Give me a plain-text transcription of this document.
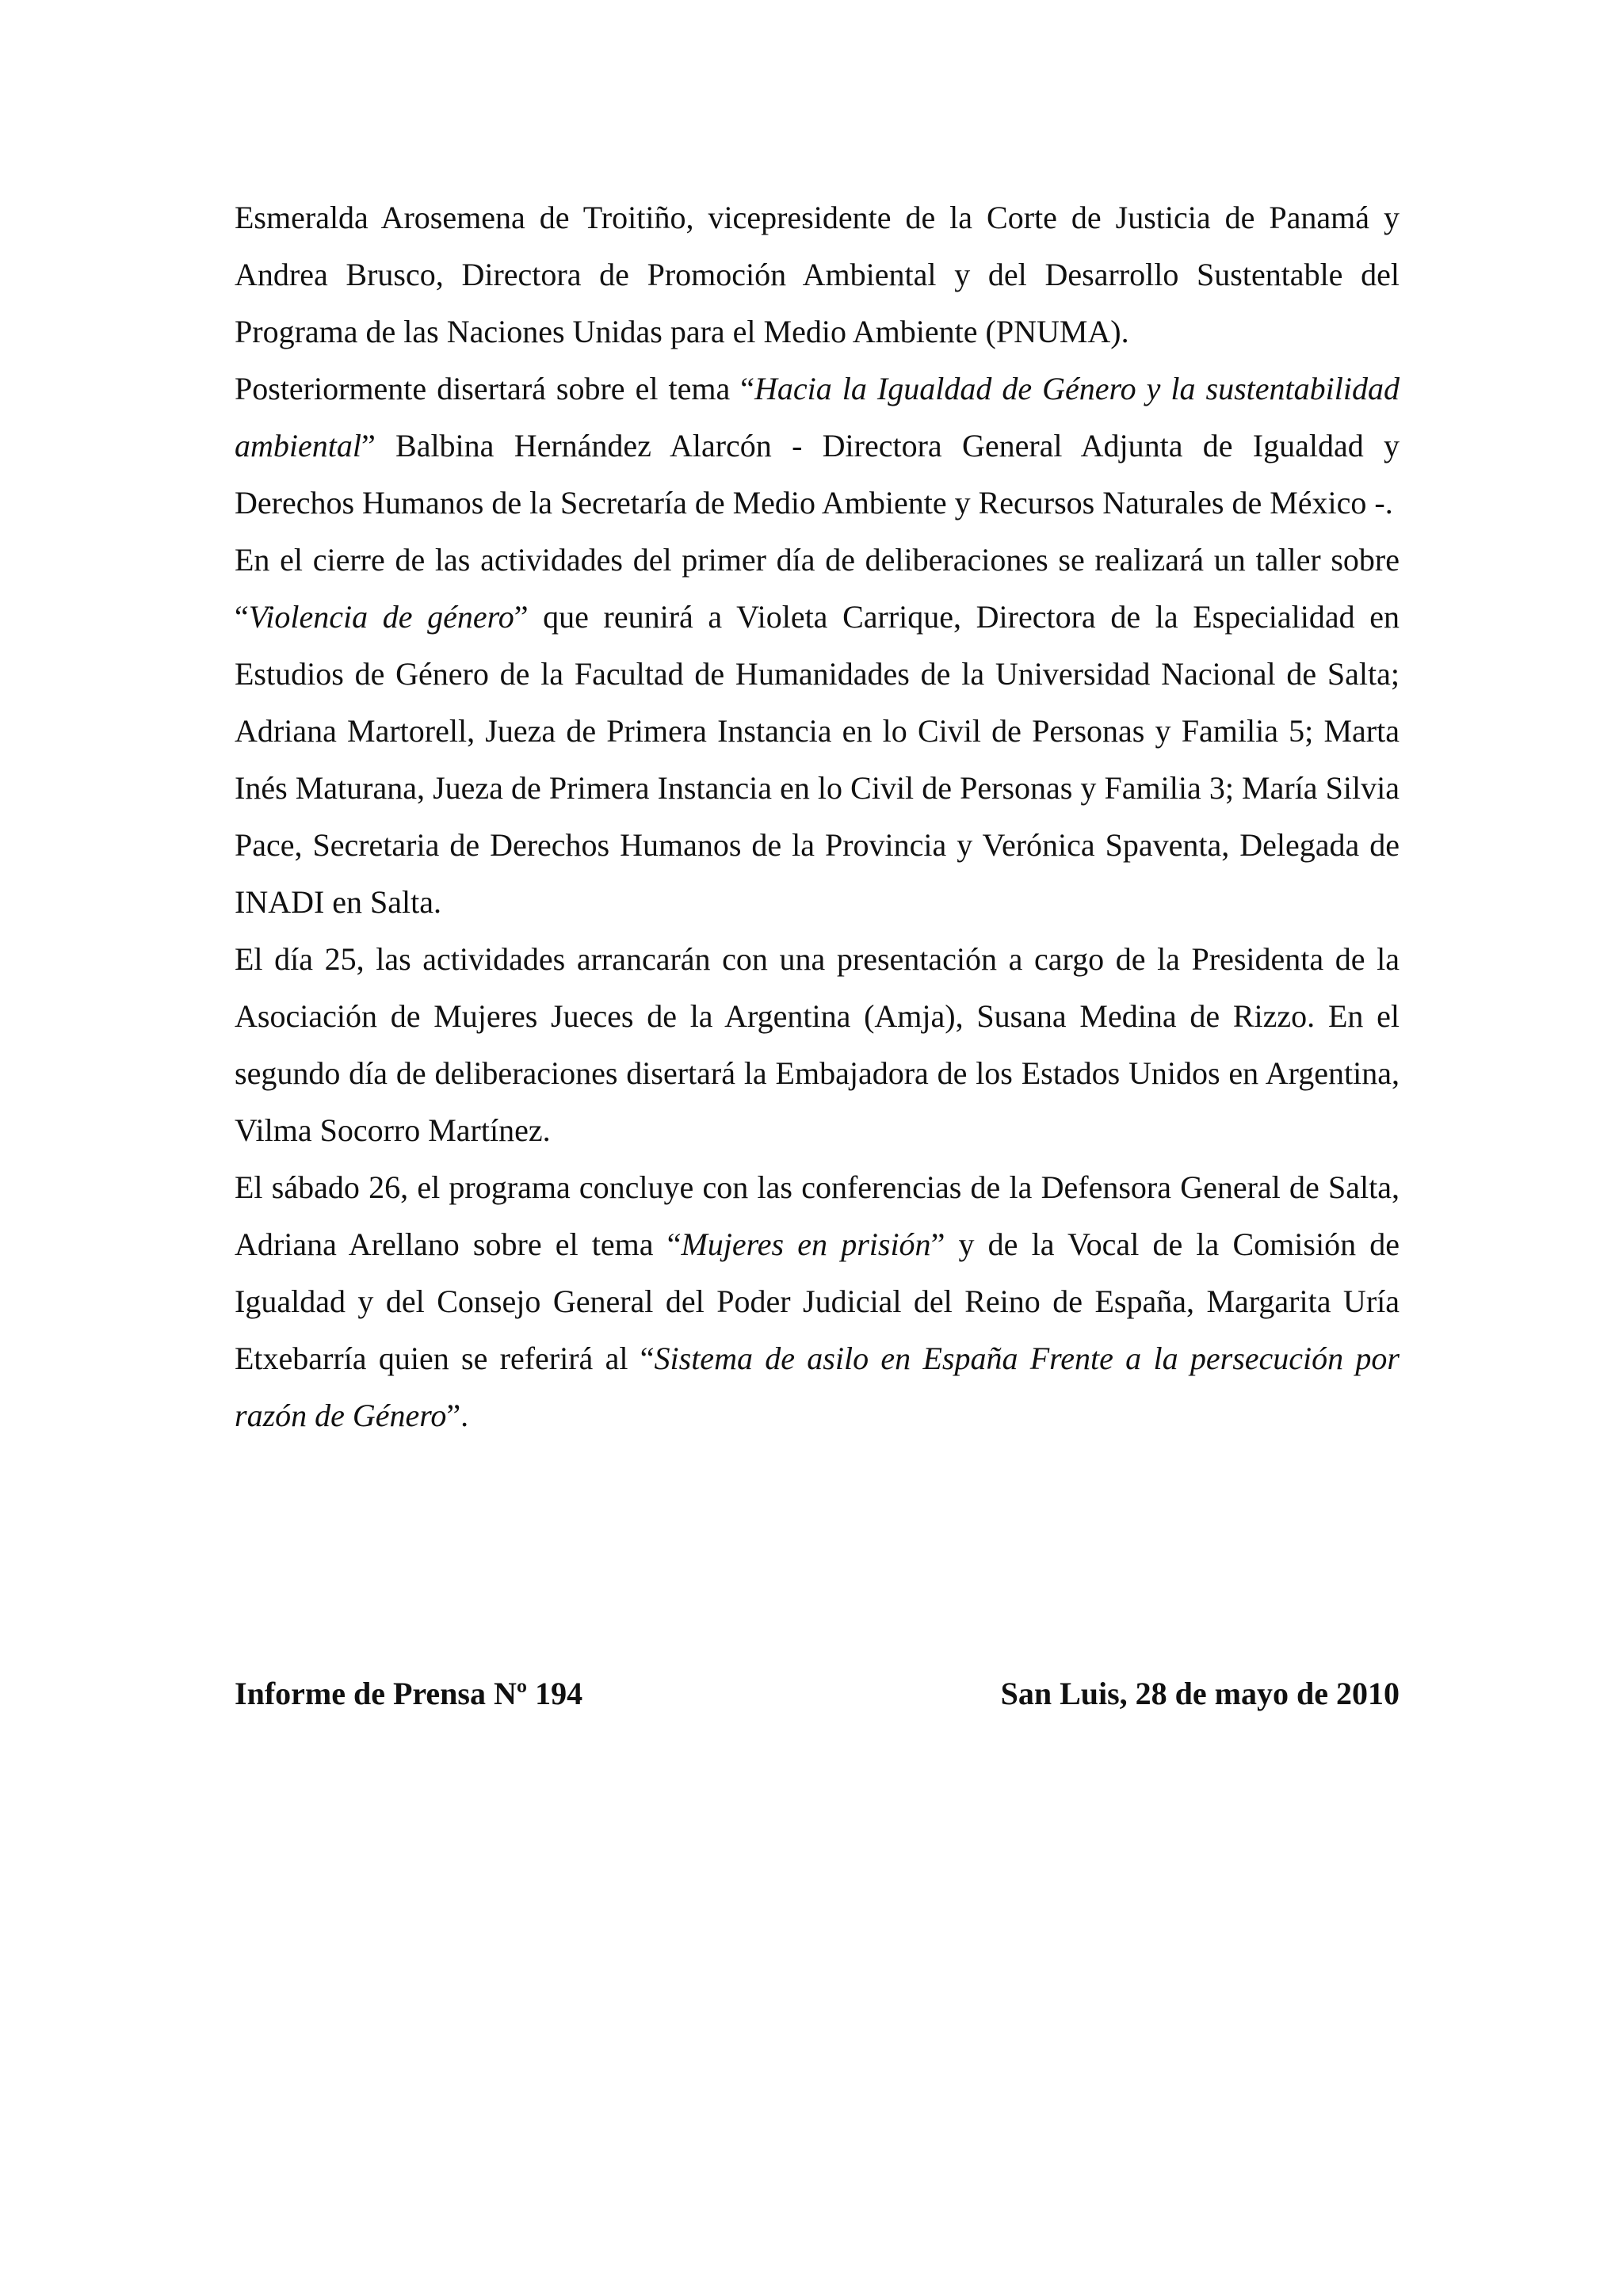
Esmeralda Arosemena de Troitiño, vicepresidente de la Corte de Justicia de Panamá y Andrea Brusco, Directora de Promoción Ambiental y del Desarrollo Sustentable del Programa de las Naciones Unidas para el Medio Ambiente (PNUMA).

Posteriormente disertará sobre el tema “Hacia la Igualdad de Género y la sustentabilidad ambiental” Balbina Hernández Alarcón - Directora General Adjunta de Igualdad y Derechos Humanos de la Secretaría de Medio Ambiente y Recursos Naturales de México -.

En el cierre de las actividades del primer día de deliberaciones se realizará un taller sobre “Violencia de género” que reunirá a Violeta Carrique, Directora de la Especialidad en Estudios de Género de la Facultad de Humanidades de la Universidad Nacional de Salta; Adriana Martorell, Jueza de Primera Instancia en lo Civil de Personas y Familia 5; Marta Inés Maturana, Jueza de Primera Instancia en lo Civil de Personas y Familia 3; María Silvia Pace, Secretaria de Derechos Humanos de la Provincia y Verónica Spaventa, Delegada de INADI en Salta.

El día 25, las actividades arrancarán con una presentación a cargo de la Presidenta de la Asociación de Mujeres Jueces de la Argentina (Amja), Susana Medina de Rizzo. En el segundo día de deliberaciones disertará la Embajadora de los Estados Unidos en Argentina, Vilma Socorro Martínez.

El sábado 26, el programa concluye con las conferencias de la Defensora General de Salta, Adriana Arellano sobre el tema “Mujeres en prisión” y de la Vocal de la Comisión de Igualdad y del Consejo General del Poder Judicial del Reino de España, Margarita Uría Etxebarría quien se referirá al “Sistema de asilo en España Frente a la persecución por razón de Género”.

Informe de Prensa Nº 194	San Luis, 28 de mayo de 2010
